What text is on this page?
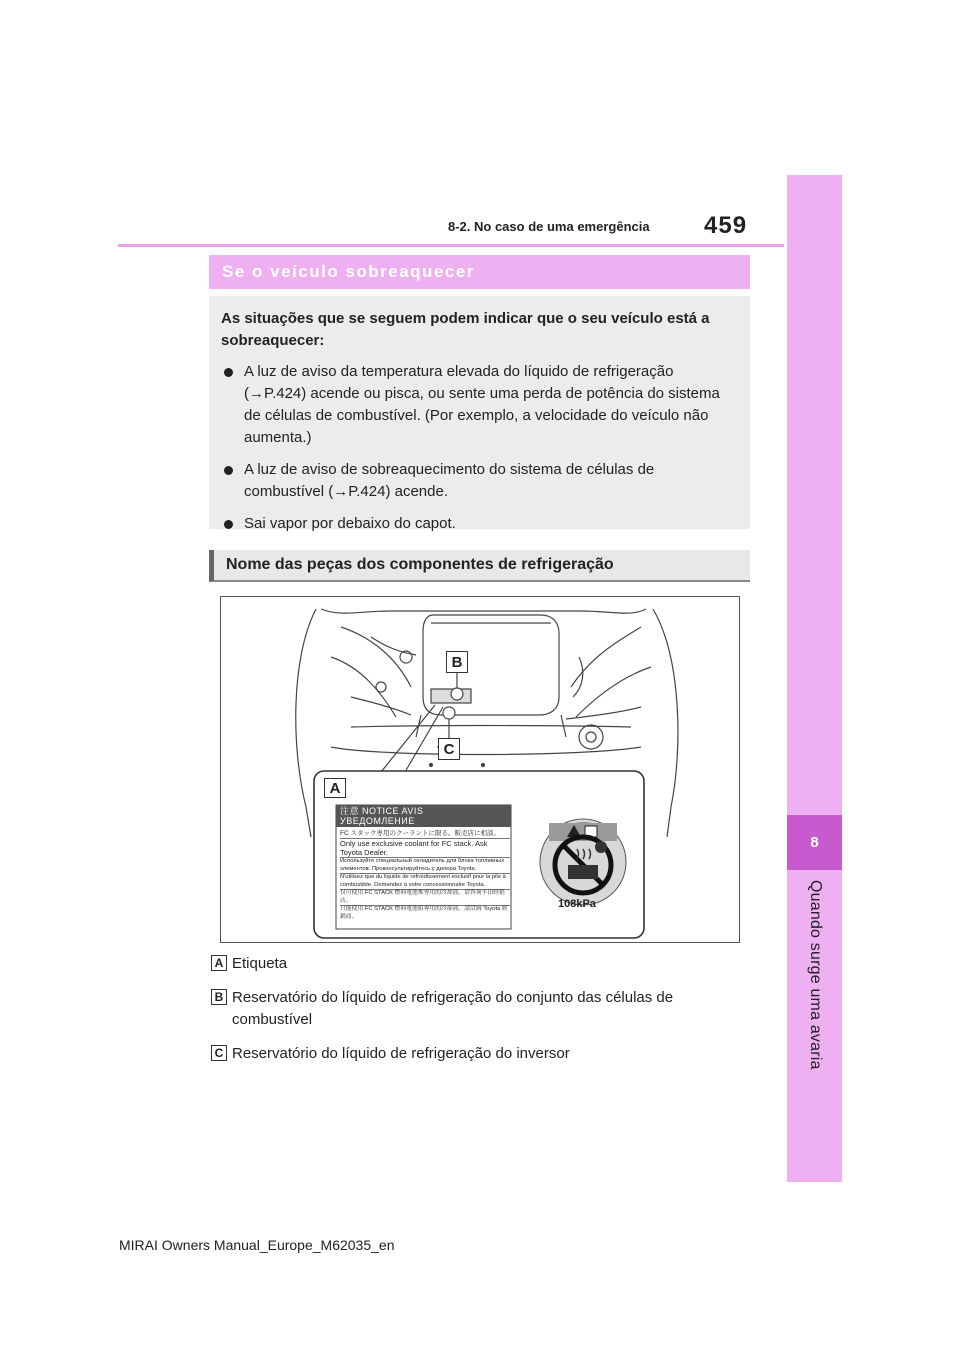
8
Quando surge uma avaria
8-2. No caso de uma emergência 459
Se o veículo sobreaquecer

As situações que se seguem podem indicar que o seu veículo está a sobreaquecer:

A luz de aviso da temperatura elevada do líquido de refrigeração (→P.424) acende ou pisca, ou sente uma perda de potência do sistema de células de combustível. (Por exemplo, a velocidade do veículo não aumenta.)
A luz de aviso de sobreaquecimento do sistema de células de combustível (→P.424) acende.
Sai vapor por debaixo do capot.
Nome das peças dos componentes de refrigeração
B
C
A
注意 NOTICE AVIS
УВЕДОМЛЕНИЕ
FC スタック専用のクーラントに限る。販売店に相談。
Only use exclusive coolant for FC stack. Ask Toyota Dealer.
Используйте специальный охладитель для блока топливных элементов. Проконсультируйтесь у дилера Toyota.
N'utilisez que du liquide de refroidissement exclusif pour la pile à combustible. Demandez à votre concessionnaire Toyota.
仅可使用 FC STACK 燃料電池堆専用的冷却液。请咨询丰田经销店。
只能使用 FC STACK 燃料電池組專用的冷卻液。請洽詢 Toyota 經銷商。
108kPa
A Etiqueta
B Reservatório do líquido de refrigeração do conjunto das células de combustível
C Reservatório do líquido de refrigeração do inversor
MIRAI Owners Manual_Europe_M62035_en
